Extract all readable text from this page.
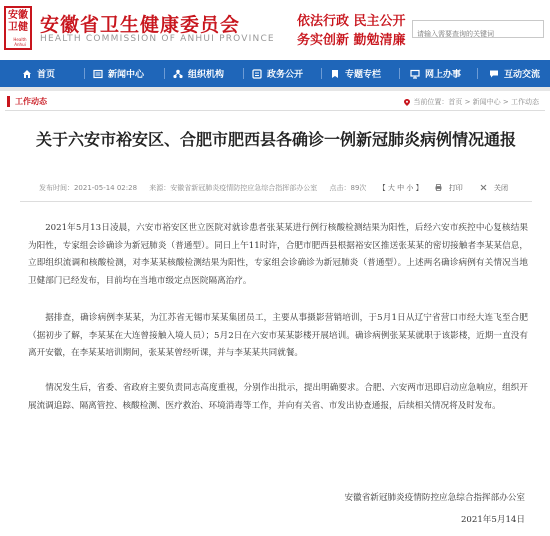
安徽
卫健
Health Anhui
安徽省卫生健康委员会
HEALTH COMMISSION OF ANHUI PROVINCE
依法行政 民主公开
务实创新 勤勉清廉
请输入需要查询的关键词
首页	新闻中心	组织机构	政务公开	专题专栏	网上办事	互动交流
工作动态	当前位置：首页 > 新闻中心 > 工作动态
关于六安市裕安区、合肥市肥西县各确诊一例新冠肺炎病例情况通报
发布时间：2021-05-14 02:28 来源：安徽省新冠肺炎疫情防控应急综合指挥部办公室 点击：89次 【 大 中 小 】	打印	关闭

2021年5月13日凌晨，六安市裕安区世立医院对就诊患者张某某进行例行核酸检测结果为阳性，后经六安市疾控中心复核结果为阳性，专家组会诊确诊为新冠肺炎（普通型）。同日上午11时许，合肥市肥西县根据裕安区推送张某某的密切接触者李某某信息，立即组织流调和核酸检测，对李某某核酸检测结果为阳性，专家组会诊确诊为新冠肺炎（普通型）。上述两名确诊病例有关情况当地卫健部门已经发布，目前均在当地市级定点医院隔离治疗。

据排查，确诊病例李某某，为江苏省无锡市某某集团员工，主要从事摄影营销培训，于5月1日从辽宁省营口市经大连飞至合肥（据初步了解，李某某在大连曾接触入境人员）；5月2日在六安市某某影楼开展培训。确诊病例张某某就职于该影楼，近期一直没有离开安徽，在李某某培训期间，张某某曾经听课，并与李某某共同就餐。

情况发生后，省委、省政府主要负责同志高度重视，分别作出批示，提出明确要求。合肥、六安两市迅即启动应急响应，组织开展流调追踪、隔离管控、核酸检测、医疗救治、环境消毒等工作，并向有关省、市发出协查通报，后续相关情况将及时发布。

安徽省新冠肺炎疫情防控应急综合指挥部办公室
2021年5月14日
